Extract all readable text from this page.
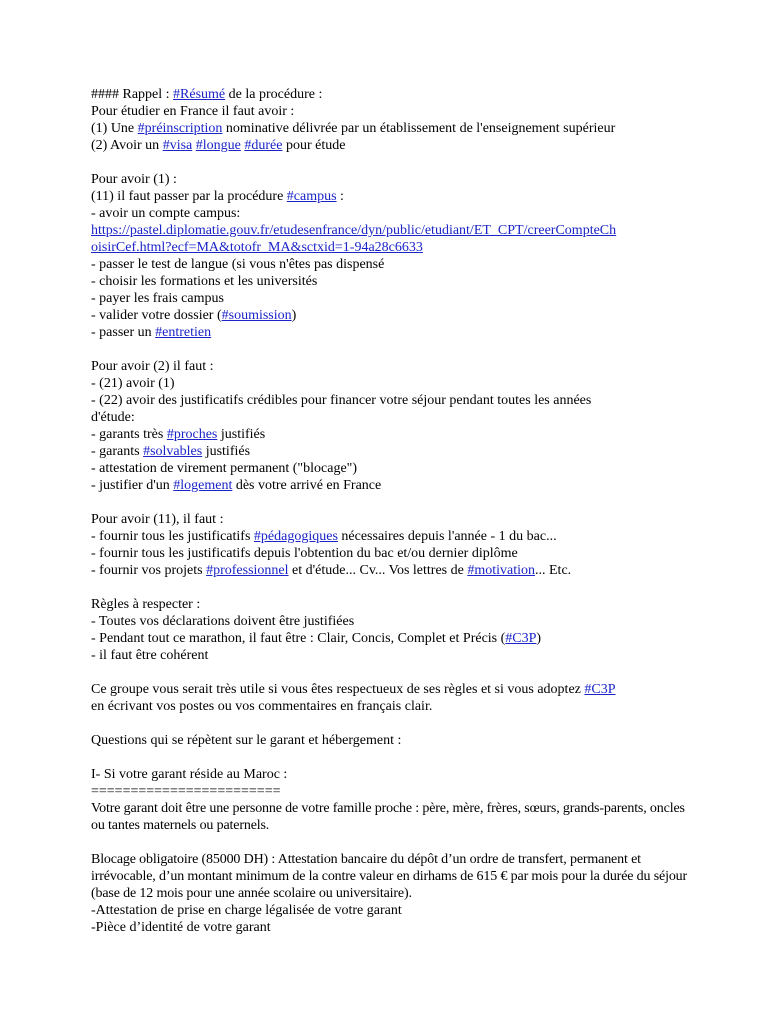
#### Rappel : #Résumé de la procédure :
Pour étudier en France il faut avoir :
(1) Une #préinscription nominative délivrée par un établissement de l'enseignement supérieur
(2) Avoir un #visa #longue #durée pour étude
Pour avoir (1) :
(11) il faut passer par la procédure #campus :
- avoir un compte campus:
https://pastel.diplomatie.gouv.fr/etudesenfrance/dyn/public/etudiant/ET_CPT/creerCompteCh
oisirCef.html?ecf=MA&totofr_MA&sctxid=1-94a28c6633
- passer le test de langue (si vous n'êtes pas dispensé
- choisir les formations et les universités
- payer les frais campus
- valider votre dossier (#soumission)
- passer un #entretien
Pour avoir (2) il faut :
- (21) avoir (1)
- (22) avoir des justificatifs crédibles pour financer votre séjour pendant toutes les années
d'étude:
- garants très #proches justifiés
- garants #solvables justifiés
- attestation de virement permanent ("blocage")
- justifier d'un #logement dès votre arrivé en France
Pour avoir (11), il faut :
- fournir tous les justificatifs #pédagogiques nécessaires depuis l'année - 1 du bac...
- fournir tous les justificatifs depuis l'obtention du bac et/ou dernier diplôme
- fournir vos projets #professionnel et d'étude... Cv... Vos lettres de #motivation... Etc.
Règles à respecter :
- Toutes vos déclarations doivent être justifiées
- Pendant tout ce marathon, il faut être : Clair, Concis, Complet et Précis (#C3P)
- il faut être cohérent
Ce groupe vous serait très utile si vous êtes respectueux de ses règles et si vous adoptez #C3P
en écrivant vos postes ou vos commentaires en français clair.
Questions qui se répètent sur le garant et hébergement :
I- Si votre garant réside au Maroc :
========================
Votre garant doit être une personne de votre famille proche : père, mère, frères, sœurs, grands-parents, oncles ou tantes maternels ou paternels.
Blocage obligatoire (85000 DH) : Attestation bancaire du dépôt d’un ordre de transfert, permanent et irrévocable, d’un montant minimum de la contre valeur en dirhams de 615 € par mois pour la durée du séjour (base de 12 mois pour une année scolaire ou universitaire).
-Attestation de prise en charge légalisée de votre garant
-Pièce d’identité de votre garant
